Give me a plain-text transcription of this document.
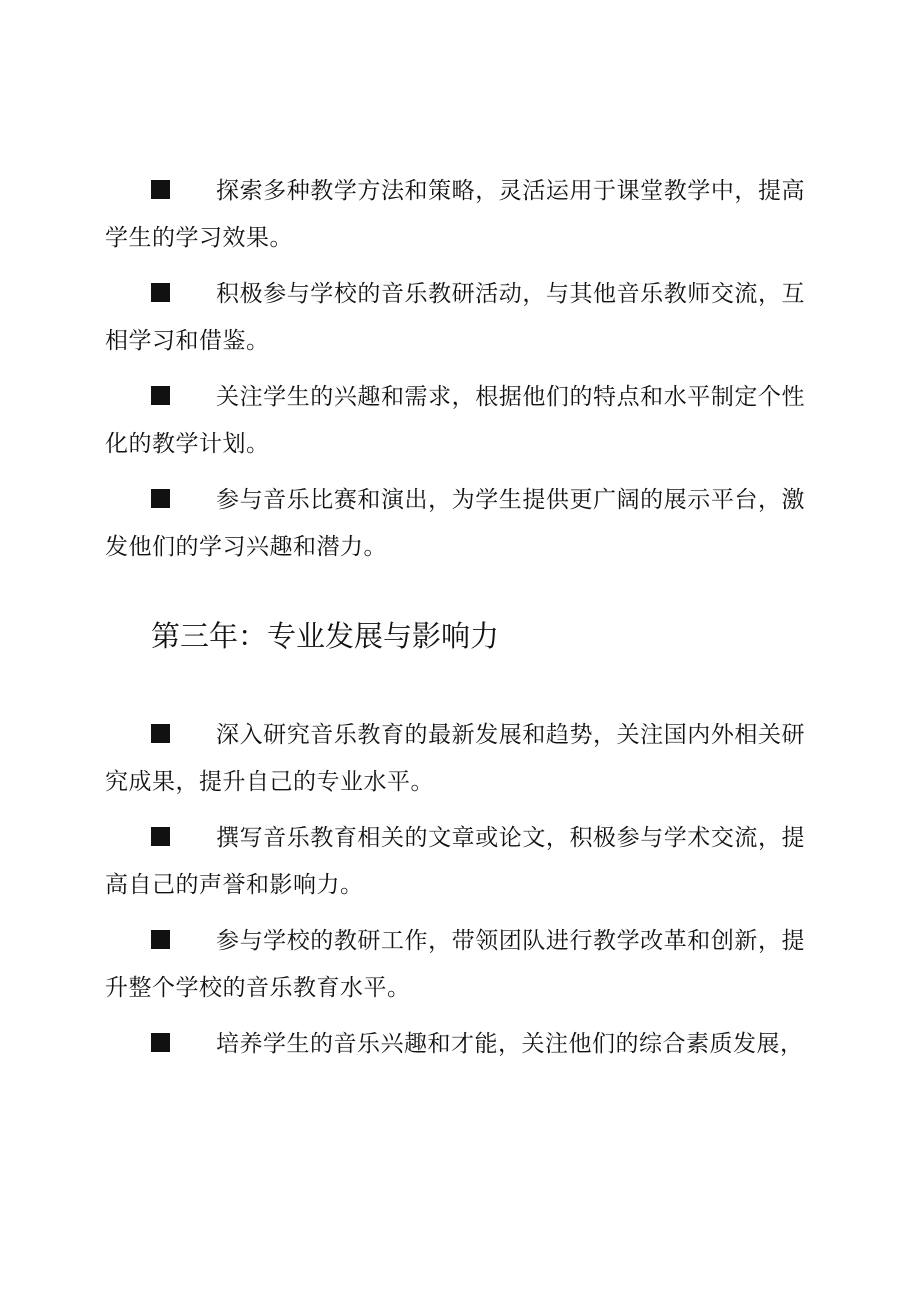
探索多种教学方法和策略，灵活运用于课堂教学中，提高学生的学习效果。

积极参与学校的音乐教研活动，与其他音乐教师交流，互相学习和借鉴。

关注学生的兴趣和需求，根据他们的特点和水平制定个性化的教学计划。

参与音乐比赛和演出，为学生提供更广阔的展示平台，激发他们的学习兴趣和潜力。

第三年：专业发展与影响力

深入研究音乐教育的最新发展和趋势，关注国内外相关研究成果，提升自己的专业水平。

撰写音乐教育相关的文章或论文，积极参与学术交流，提高自己的声誉和影响力。

参与学校的教研工作，带领团队进行教学改革和创新，提升整个学校的音乐教育水平。

培养学生的音乐兴趣和才能，关注他们的综合素质发展，
